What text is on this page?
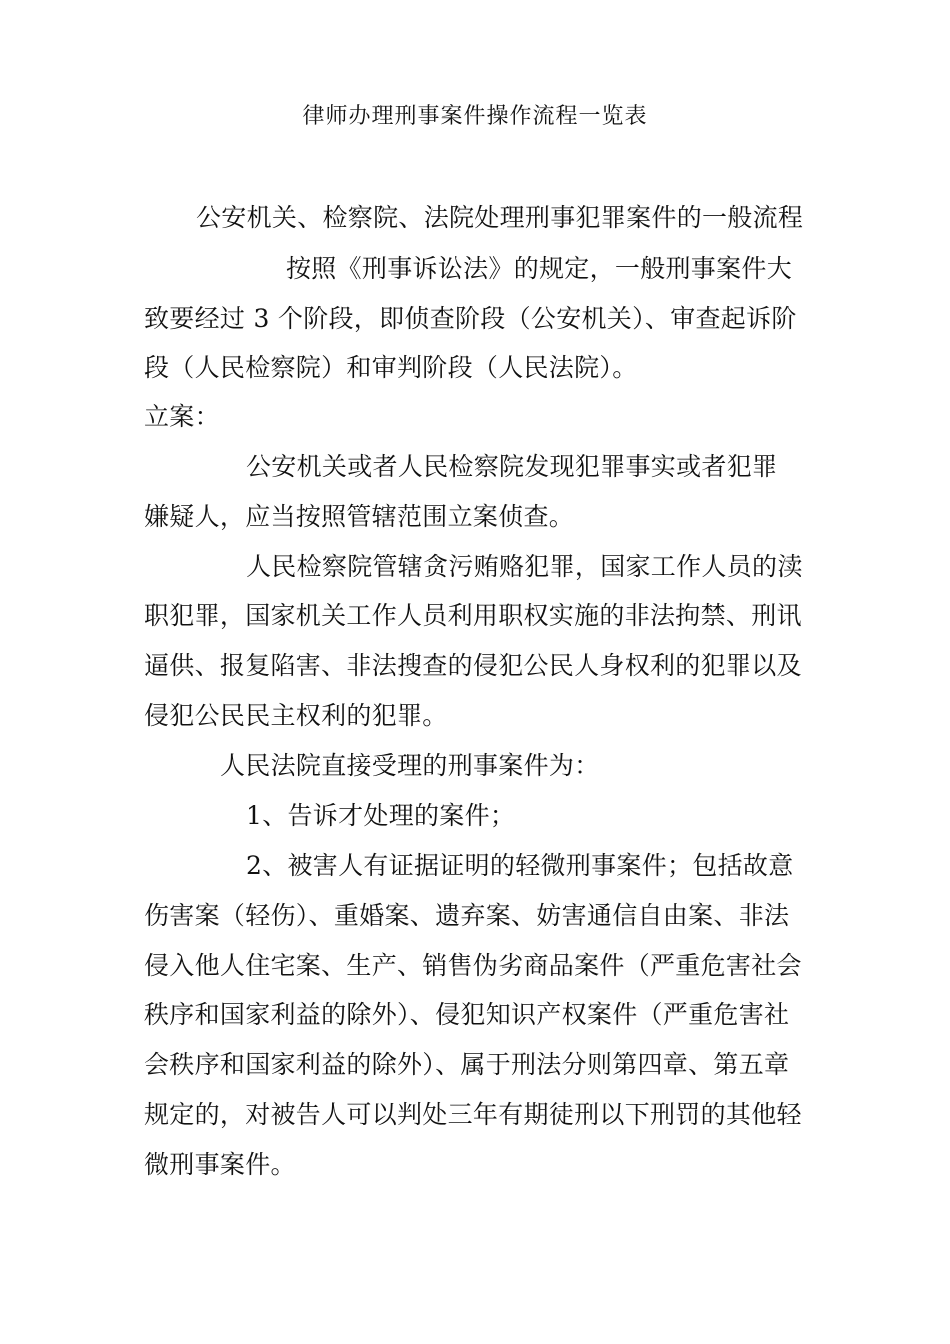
律师办理刑事案件操作流程一览表
公安机关、检察院、法院处理刑事犯罪案件的一般流程
按照《刑事诉讼法》的规定，一般刑事案件大
致要经过 3 个阶段，即侦查阶段（公安机关）、审查起诉阶
段（人民检察院）和审判阶段（人民法院）。
立案：
公安机关或者人民检察院发现犯罪事实或者犯罪
嫌疑人，应当按照管辖范围立案侦查。
人民检察院管辖贪污贿赂犯罪，国家工作人员的渎
职犯罪，国家机关工作人员利用职权实施的非法拘禁、刑讯
逼供、报复陷害、非法搜查的侵犯公民人身权利的犯罪以及
侵犯公民民主权利的犯罪。
人民法院直接受理的刑事案件为：
1、告诉才处理的案件；
2、被害人有证据证明的轻微刑事案件；包括故意
伤害案（轻伤）、重婚案、遗弃案、妨害通信自由案、非法
侵入他人住宅案、生产、销售伪劣商品案件（严重危害社会
秩序和国家利益的除外）、侵犯知识产权案件（严重危害社
会秩序和国家利益的除外）、属于刑法分则第四章、第五章
规定的，对被告人可以判处三年有期徒刑以下刑罚的其他轻
微刑事案件。
